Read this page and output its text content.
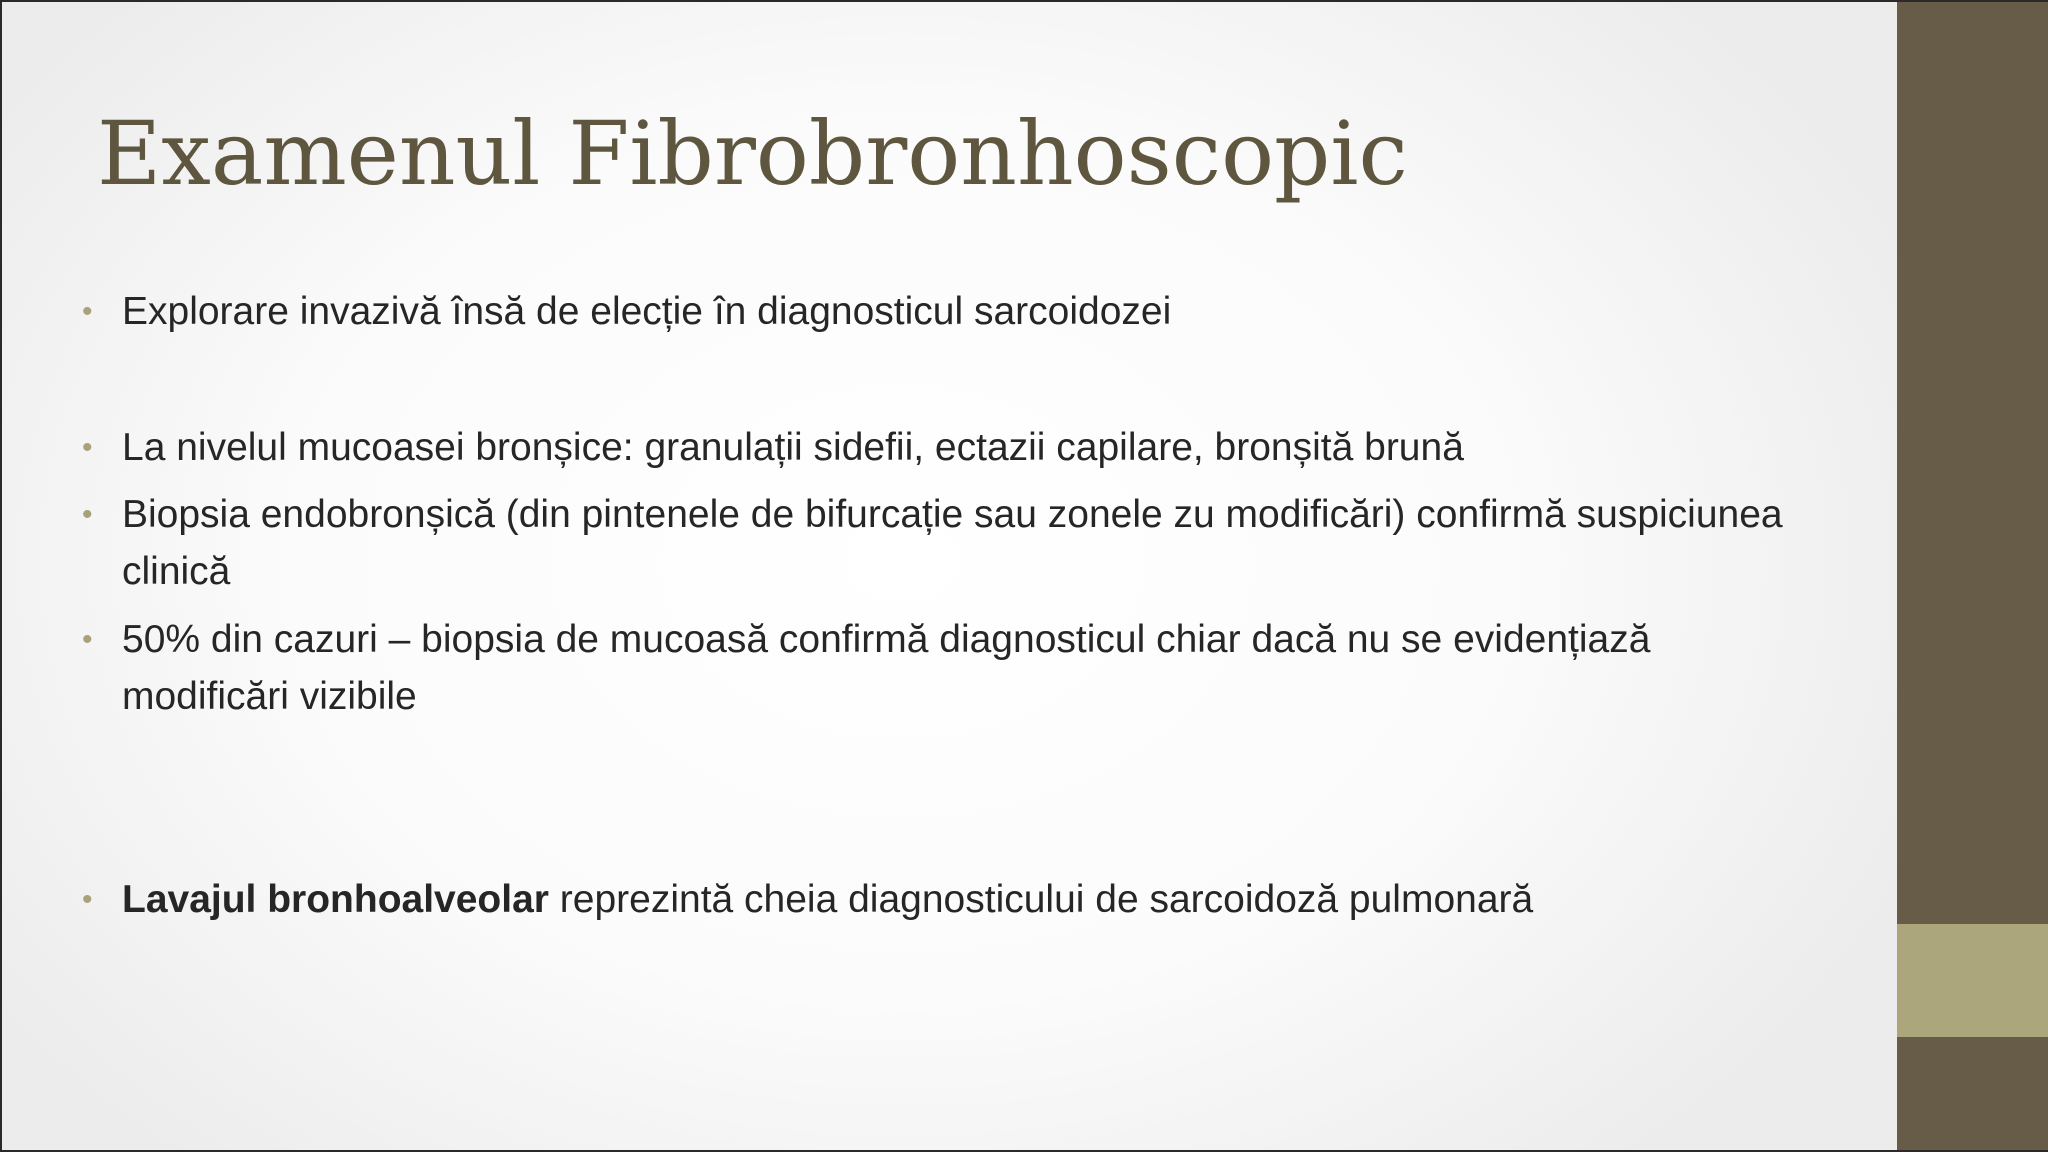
Examenul Fibrobronhoscopic
• Explorare invazivă însă de elecție în diagnosticul sarcoidozei
• La nivelul mucoasei bronșice: granulații sidefii, ectazii capilare, bronșită brună
• Biopsia endobronșică (din pintenele de bifurcație sau zonele zu modificări) confirmă suspiciunea clinică
• 50% din cazuri – biopsia de mucoasă confirmă diagnosticul chiar dacă nu se evidențiază modificări vizibile
• Lavajul bronhoalveolar reprezintă cheia diagnosticului de sarcoidoză pulmonară
